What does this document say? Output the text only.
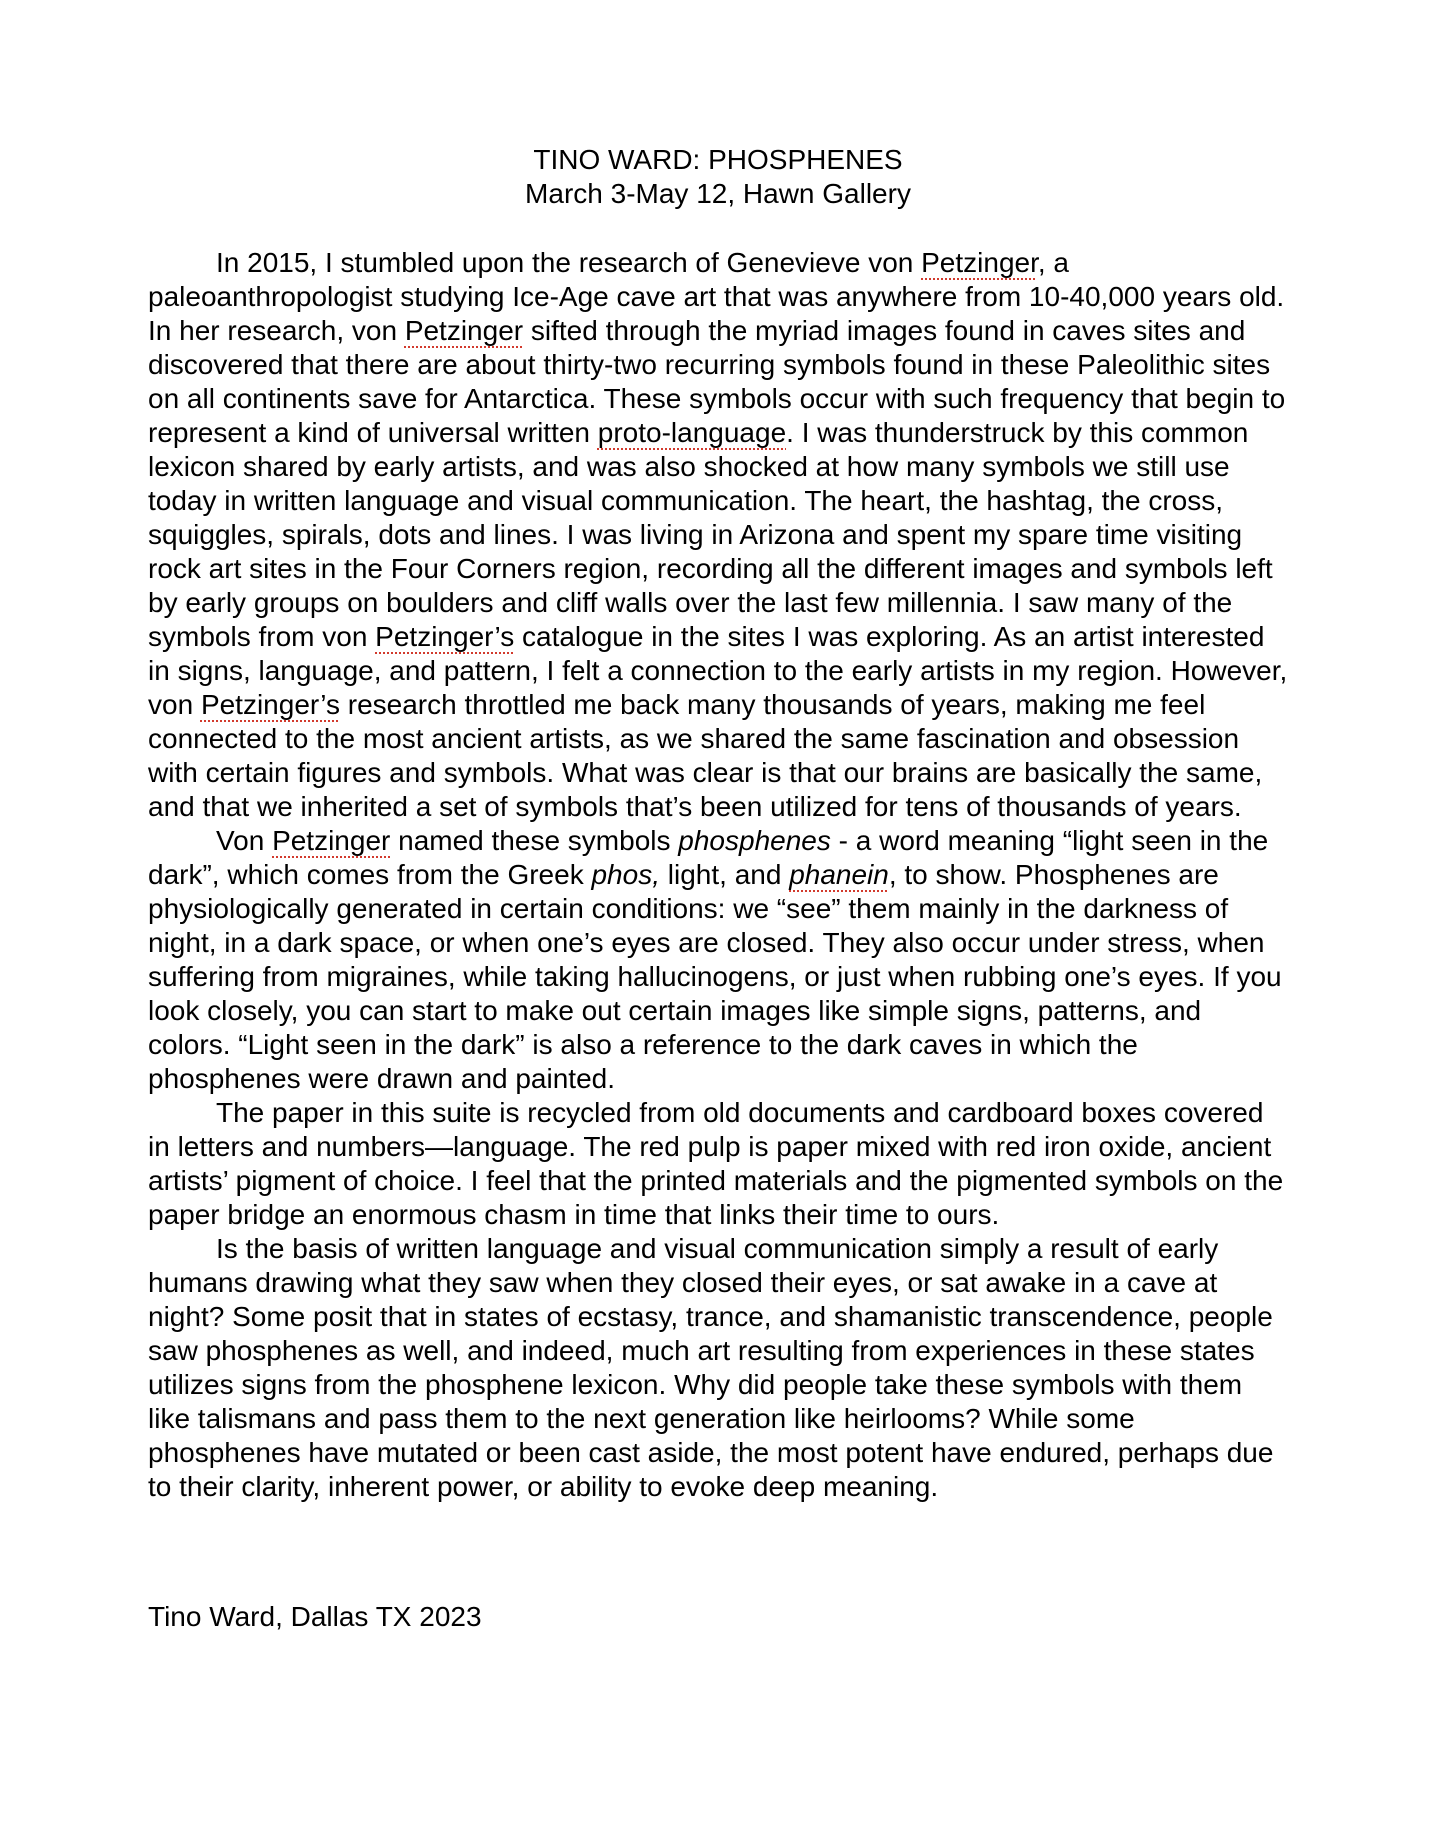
TINO WARD: PHOSPHENES
March 3-May 12, Hawn Gallery

In 2015, I stumbled upon the research of Genevieve von Petzinger, a paleoanthropologist studying Ice-Age cave art that was anywhere from 10-40,000 years old. In her research, von Petzinger sifted through the myriad images found in caves sites and discovered that there are about thirty-two recurring symbols found in these Paleolithic sites on all continents save for Antarctica. These symbols occur with such frequency that begin to represent a kind of universal written proto-language. I was thunderstruck by this common lexicon shared by early artists, and was also shocked at how many symbols we still use today in written language and visual communication. The heart, the hashtag, the cross, squiggles, spirals, dots and lines. I was living in Arizona and spent my spare time visiting rock art sites in the Four Corners region, recording all the different images and symbols left by early groups on boulders and cliff walls over the last few millennia. I saw many of the symbols from von Petzinger’s catalogue in the sites I was exploring. As an artist interested in signs, language, and pattern, I felt a connection to the early artists in my region. However, von Petzinger’s research throttled me back many thousands of years, making me feel connected to the most ancient artists, as we shared the same fascination and obsession with certain figures and symbols. What was clear is that our brains are basically the same, and that we inherited a set of symbols that’s been utilized for tens of thousands of years.

Von Petzinger named these symbols phosphenes - a word meaning “light seen in the dark”, which comes from the Greek phos, light, and phanein, to show. Phosphenes are physiologically generated in certain conditions: we “see” them mainly in the darkness of night, in a dark space, or when one’s eyes are closed. They also occur under stress, when suffering from migraines, while taking hallucinogens, or just when rubbing one’s eyes. If you look closely, you can start to make out certain images like simple signs, patterns, and colors. “Light seen in the dark” is also a reference to the dark caves in which the phosphenes were drawn and painted.

The paper in this suite is recycled from old documents and cardboard boxes covered in letters and numbers—language. The red pulp is paper mixed with red iron oxide, ancient artists’ pigment of choice. I feel that the printed materials and the pigmented symbols on the paper bridge an enormous chasm in time that links their time to ours.

Is the basis of written language and visual communication simply a result of early humans drawing what they saw when they closed their eyes, or sat awake in a cave at night? Some posit that in states of ecstasy, trance, and shamanistic transcendence, people saw phosphenes as well, and indeed, much art resulting from experiences in these states utilizes signs from the phosphene lexicon. Why did people take these symbols with them like talismans and pass them to the next generation like heirlooms? While some phosphenes have mutated or been cast aside, the most potent have endured, perhaps due to their clarity, inherent power, or ability to evoke deep meaning.

Tino Ward, Dallas TX 2023
